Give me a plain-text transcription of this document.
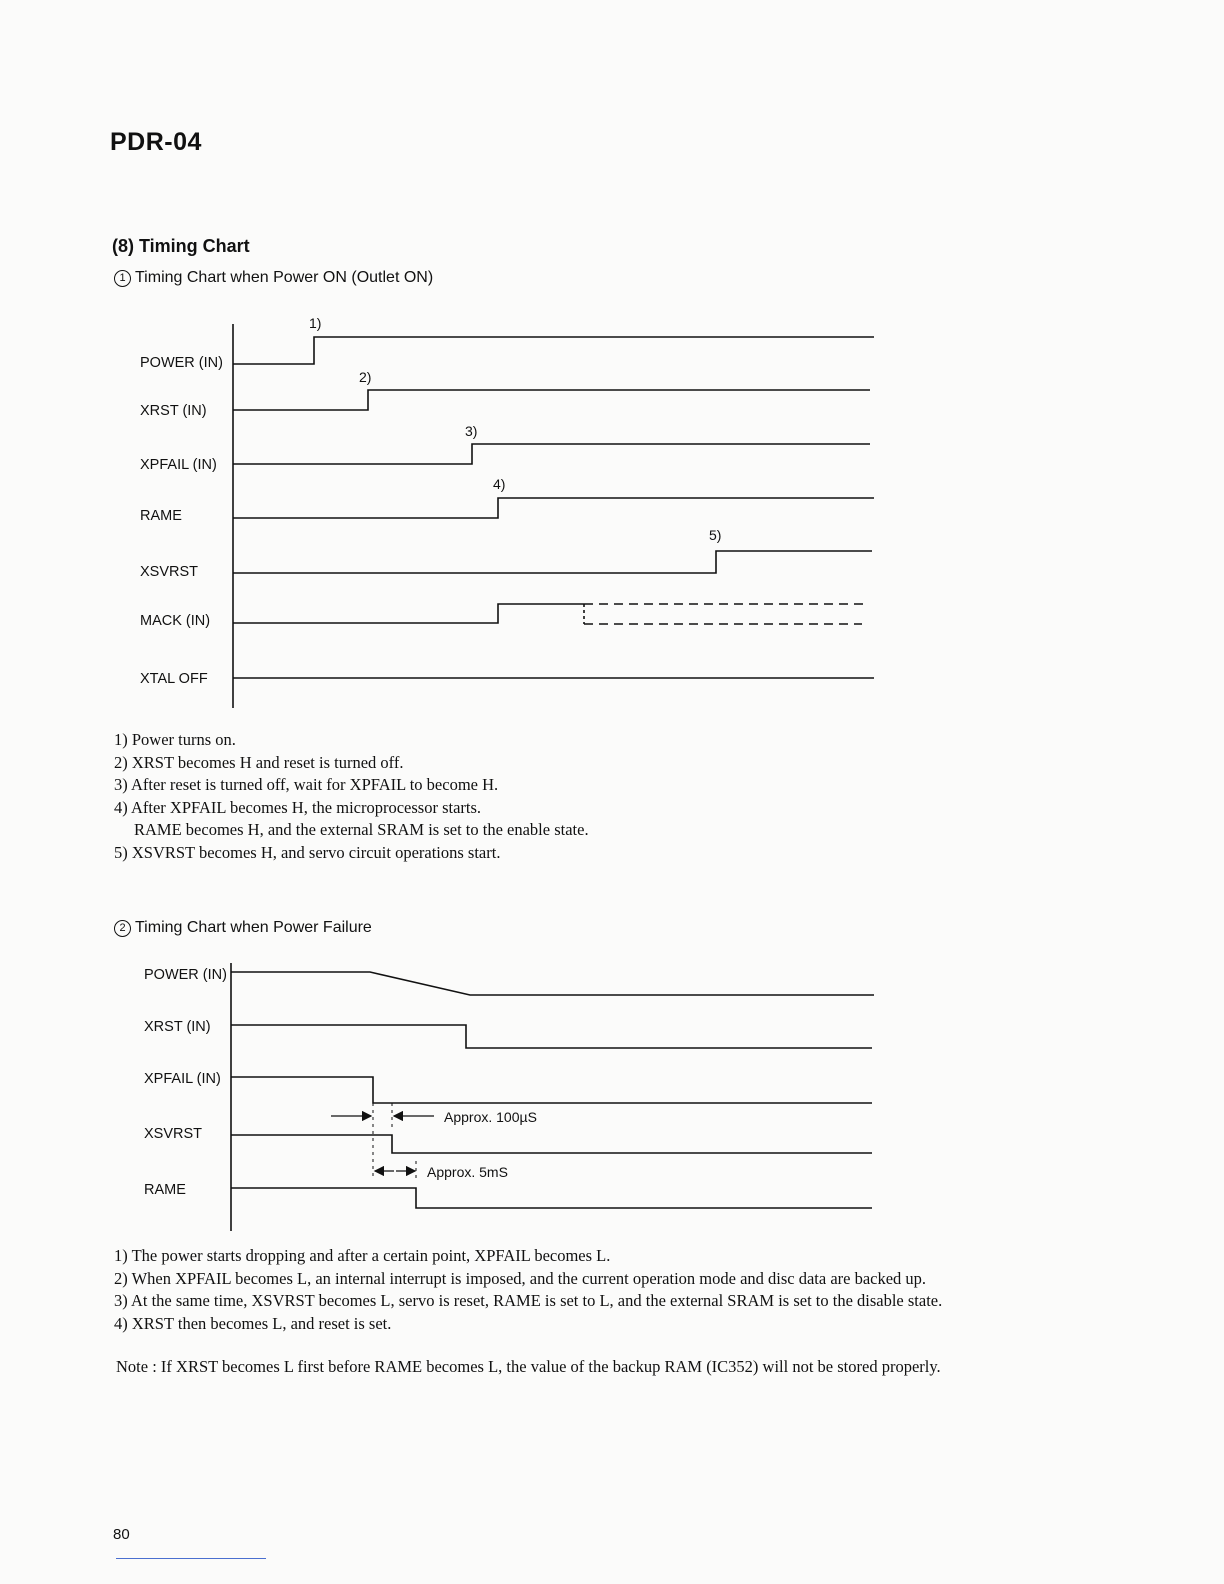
PDR-04
(8) Timing Chart
1 Timing Chart when Power ON (Outlet ON)
POWER (IN)
XRST (IN)
XPFAIL (IN)
RAME
XSVRST
MACK (IN)
XTAL OFF
1)
2)
3)
4)
5)
1) Power turns on.
2) XRST becomes H and reset is turned off.
3) After reset is turned off, wait for XPFAIL to become H.
4) After XPFAIL becomes H, the microprocessor starts.
RAME becomes H, and the external SRAM is set to the enable state.
5) XSVRST becomes H, and servo circuit operations start.
2 Timing Chart when Power Failure
POWER (IN)
XRST (IN)
XPFAIL (IN)
XSVRST
RAME
Approx. 100µS
Approx. 5mS
1) The power starts dropping and after a certain point, XPFAIL becomes L.
2) When XPFAIL becomes L, an internal interrupt is imposed, and the current operation mode and disc data are backed up.
3) At the same time, XSVRST becomes L, servo is reset, RAME is set to L, and the external SRAM is set to the disable state.
4) XRST then becomes L, and reset is set.
Note : If XRST becomes L first before RAME becomes L, the value of the backup RAM (IC352) will not be stored properly.
80
